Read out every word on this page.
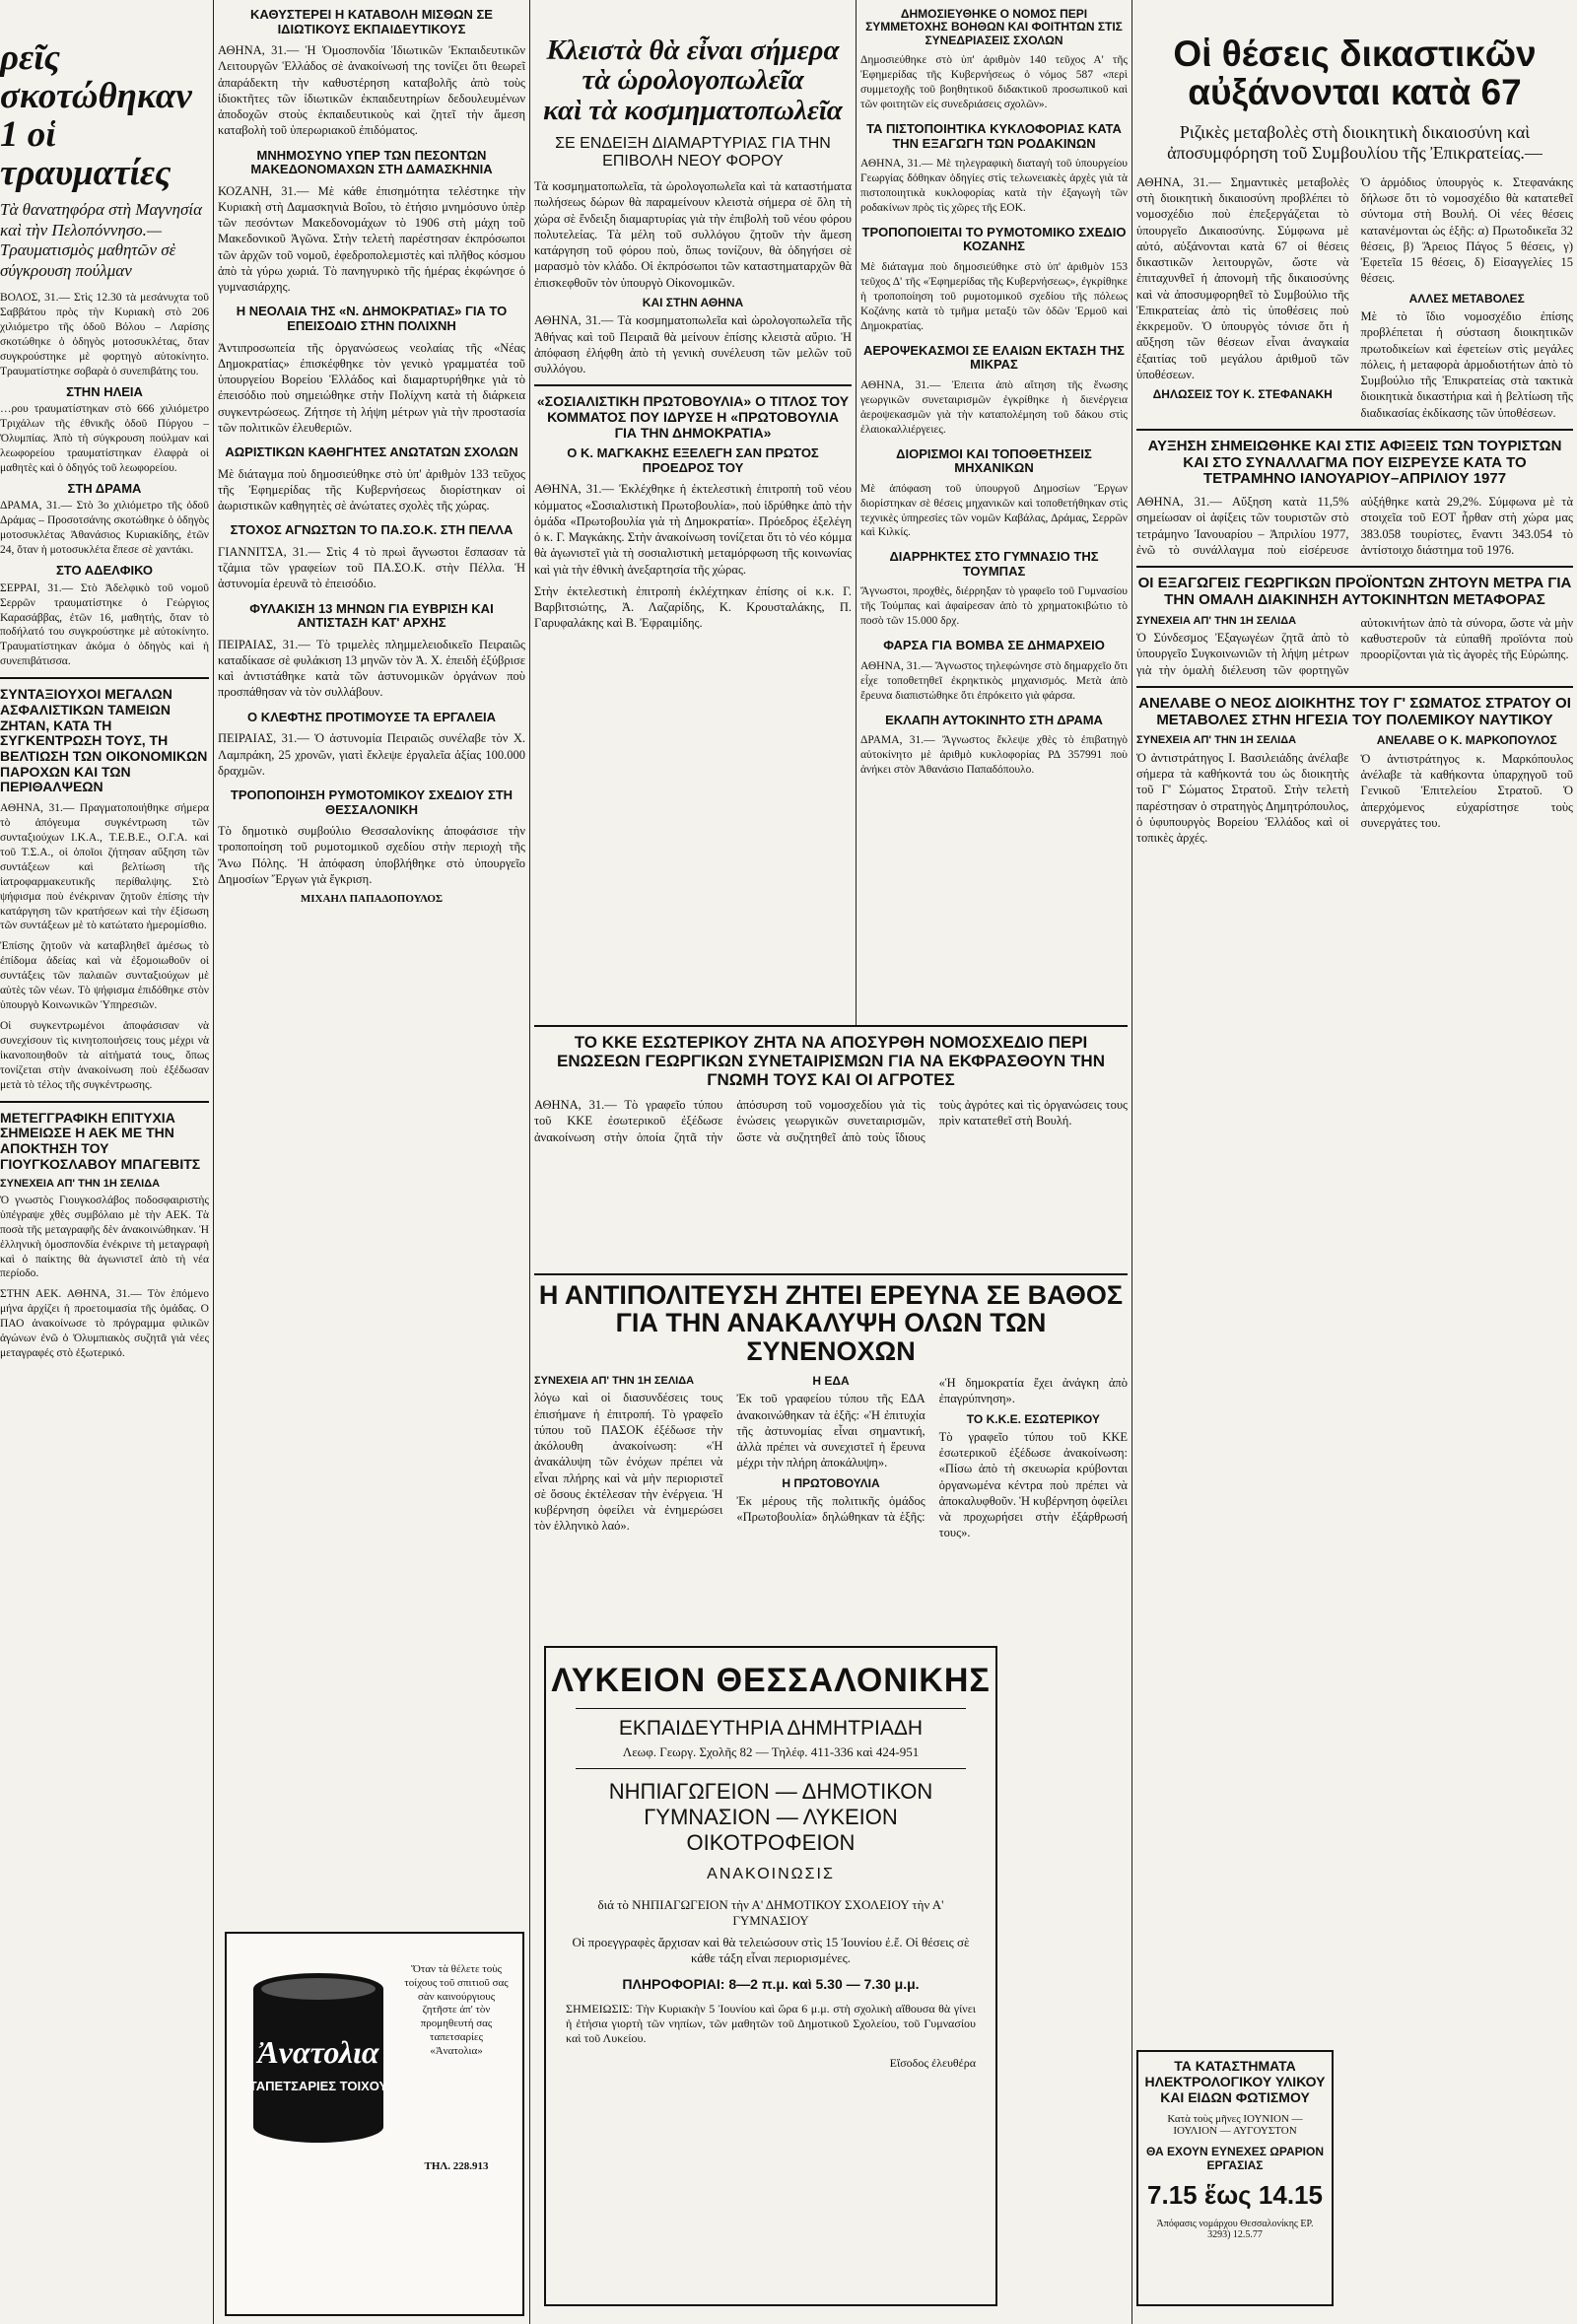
ρεῖς σκοτώθηκαν
1 οἱ τραυματίες

Τὰ θανατηφόρα στὴ Μαγνησία καὶ τὴν Πελοπόννησο.— Τραυματισμὸς μαθητῶν σὲ σύγκρουση πούλμαν

ΒΟΛΟΣ, 31.— Στὶς 12.30 τὰ μεσάνυχτα τοῦ Σαββάτου πρὸς τὴν Κυριακὴ στὸ 206 χιλιόμετρο τῆς ὁδοῦ Βόλου – Λαρίσης σκοτώθηκε ὁ ὁδηγὸς μοτοσυκλέτας, ὅταν συγκρούστηκε μὲ φορτηγὸ αὐτοκίνητο. Τραυματίστηκε σοβαρὰ ὁ συνεπιβάτης του.

ΣΤΗΝ ΗΛΕΙΑ

…ρου τραυματίστηκαν στὸ 666 χιλιόμετρο Τριχάλων τῆς ἐθνικῆς ὁδοῦ Πύργου – Ὀλυμπίας. Ἀπὸ τὴ σύγκρουση πούλμαν καὶ λεωφορείου τραυματίστηκαν ἐλαφρὰ οἱ μαθητὲς καὶ ὁ ὁδηγός τοῦ λεωφορείου.

ΣΤΗ ΔΡΑΜΑ

ΔΡΑΜΑ, 31.— Στὸ 3ο χιλιόμετρο τῆς ὁδοῦ Δράμας – Προσοτσάνης σκοτώθηκε ὁ ὁδηγὸς μοτοσυκλέτας Ἀθανάσιος Κυριακίδης, ἐτῶν 24, ὅταν ἡ μοτοσυκλέτα ἔπεσε σὲ χαντάκι.

ΣΤΟ ΑΔΕΛΦΙΚΟ

ΣΕΡΡΑΙ, 31.— Στὸ Ἀδελφικὸ τοῦ νομοῦ Σερρῶν τραυματίστηκε ὁ Γεώργιος Καρασάββας, ἐτῶν 16, μαθητής, ὅταν τὸ ποδήλατό του συγκρούστηκε μὲ αὐτοκίνητο. Τραυματίστηκαν ἀκόμα ὁ ὁδηγὸς καὶ ἡ συνεπιβάτισσα.

ΣΥΝΤΑΞΙΟΥΧΟΙ ΜΕΓΑΛΩΝ ΑΣΦΑΛΙΣΤΙΚΩΝ ΤΑΜΕΙΩΝ ΖΗΤΑΝ, ΚΑΤΑ ΤΗ ΣΥΓΚΕΝΤΡΩΣΗ ΤΟΥΣ, ΤΗ ΒΕΛΤΙΩΣΗ ΤΩΝ ΟΙΚΟΝΟΜΙΚΩΝ ΠΑΡΟΧΩΝ ΚΑΙ ΤΩΝ ΠΕΡΙΘΑΛΨΕΩΝ

ΑΘΗΝΑ, 31.— Πραγματοποιήθηκε σήμερα τὸ ἀπόγευμα συγκέντρωση τῶν συνταξιούχων Ι.Κ.Α., Τ.Ε.Β.Ε., Ο.Γ.Α. καὶ τοῦ Τ.Σ.Α., οἱ ὁποῖοι ζήτησαν αὔξηση τῶν συντάξεων καὶ βελτίωση τῆς ἰατροφαρμακευτικῆς περίθαλψης. Στὸ ψήφισμα ποὺ ἐνέκριναν ζητοῦν ἐπίσης τὴν κατάργηση τῶν κρατήσεων καὶ τὴν ἐξίσωση τῶν συντάξεων μὲ τὸ κατώτατο ἡμερομίσθιο.

Ἐπίσης ζητοῦν νὰ καταβληθεῖ ἀμέσως τὸ ἐπίδομα ἀδείας καὶ νὰ ἐξομοιωθοῦν οἱ συντάξεις τῶν παλαιῶν συνταξιούχων μὲ αὐτὲς τῶν νέων. Τὸ ψήφισμα ἐπιδόθηκε στὸν ὑπουργὸ Κοινωνικῶν Ὑπηρεσιῶν.

Οἱ συγκεντρωμένοι ἀποφάσισαν νὰ συνεχίσουν τὶς κινητοποιήσεις τους μέχρι νὰ ἱκανοποιηθοῦν τὰ αἰτήματά τους, ὅπως τονίζεται στὴν ἀνακοίνωση ποὺ ἐξέδωσαν μετὰ τὸ τέλος τῆς συγκέντρωσης.

ΜΕΤΕΓΓΡΑΦΙΚΗ ΕΠΙΤΥΧΙΑ ΣΗΜΕΙΩΣΕ Η ΑΕΚ ΜΕ ΤΗΝ ΑΠΟΚΤΗΣΗ ΤΟΥ ΓΙΟΥΓΚΟΣΛΑΒΟΥ ΜΠΑΓΕΒΙΤΣ
ΣΥΝΕΧΕΙΑ ΑΠ' ΤΗΝ 1Η ΣΕΛΙΔΑ

Ὁ γνωστὸς Γιουγκοσλάβος ποδοσφαιριστὴς ὑπέγραψε χθὲς συμβόλαιο μὲ τὴν ΑΕΚ. Τὰ ποσὰ τῆς μεταγραφῆς δὲν ἀνακοινώθηκαν. Ἡ ἑλληνικὴ ὁμοσπονδία ἐνέκρινε τὴ μεταγραφὴ καὶ ὁ παίκτης θὰ ἀγωνιστεῖ ἀπὸ τὴ νέα περίοδο.

ΣΤΗΝ ΑΕΚ. ΑΘΗΝΑ, 31.— Τὸν ἑπόμενο μήνα ἀρχίζει ἡ προετοιμασία τῆς ὁμάδας. Ο ΠΑΟ ἀνακοίνωσε τὸ πρόγραμμα φιλικῶν ἀγώνων ἐνῶ ὁ Ὀλυμπιακὸς συζητᾶ γιὰ νέες μεταγραφές στὸ ἐξωτερικό.

ΚΑΘΥΣΤΕΡΕΙ Η ΚΑΤΑΒΟΛΗ ΜΙΣΘΩΝ ΣΕ ΙΔΙΩΤΙΚΟΥΣ ΕΚΠΑΙΔΕΥΤΙΚΟΥΣ

ΑΘΗΝΑ, 31.— Ἡ Ὁμοσπονδία Ἰδιωτικῶν Ἐκπαιδευτικῶν Λειτουργῶν Ἑλλάδος σὲ ἀνακοίνωσή της τονίζει ὅτι θεωρεῖ ἀπαράδεκτη τὴν καθυστέρηση καταβολῆς ἀπὸ τοὺς ἰδιοκτῆτες τῶν ἰδιωτικῶν ἐκπαιδευτηρίων δεδουλευμένων ἀποδοχῶν στοὺς ἐκπαιδευτικοὺς καὶ ζητεῖ τὴν ἄμεση καταβολὴ τοῦ ὑπερωριακοῦ ἐπιδόματος.

ΜΝΗΜΟΣΥΝΟ ΥΠΕΡ ΤΩΝ ΠΕΣΟΝΤΩΝ ΜΑΚΕΔΟΝΟΜΑΧΩΝ ΣΤΗ ΔΑΜΑΣΚΗΝΙΑ

ΚΟΖΑΝΗ, 31.— Μὲ κάθε ἐπισημότητα τελέστηκε τὴν Κυριακὴ στὴ Δαμασκηνιὰ Βοΐου, τὸ ἐτήσιο μνημόσυνο ὑπὲρ τῶν πεσόντων Μακεδονομάχων τὸ 1906 στὴ μάχη τοῦ Μακεδονικοῦ Ἀγῶνα. Στὴν τελετὴ παρέστησαν ἐκπρόσωποι τῶν ἀρχῶν τοῦ νομοῦ, ἐφεδροπολεμιστὲς καὶ πλῆθος κόσμου ἀπὸ τὰ γύρω χωριά. Τὸ πανηγυρικὸ τῆς ἡμέρας ἐκφώνησε ὁ γυμνασιάρχης.

Η ΝΕΟΛΑΙΑ ΤΗΣ «Ν. ΔΗΜΟΚΡΑΤΙΑΣ» ΓΙΑ ΤΟ ΕΠΕΙΣΟΔΙΟ ΣΤΗΝ ΠΟΛΙΧΝΗ

Ἀντιπροσωπεία τῆς ὀργανώσεως νεολαίας τῆς «Νέας Δημοκρατίας» ἐπισκέφθηκε τὸν γενικὸ γραμματέα τοῦ ὑπουργείου Βορείου Ἑλλάδος καὶ διαμαρτυρήθηκε γιὰ τὸ ἐπεισόδιο ποὺ σημειώθηκε στὴν Πολίχνη κατὰ τὴ διάρκεια συγκεντρώσεως. Ζήτησε τὴ λήψη μέτρων γιὰ τὴν προστασία τῶν πολιτικῶν ἐλευθεριῶν.

ΑΩΡΙΣΤΙΚΩΝ ΚΑΘΗΓΗΤΕΣ ΑΝΩΤΑΤΩΝ ΣΧΟΛΩΝ

Μὲ διάταγμα ποὺ δημοσιεύθηκε στὸ ὑπ' ἀριθμὸν 133 τεῦχος τῆς Ἐφημερίδας τῆς Κυβερνήσεως διορίστηκαν οἱ ἀωριστικῶν καθηγητὲς σὲ ἀνώτατες σχολὲς τῆς χώρας.

ΣΤΟΧΟΣ ΑΓΝΩΣΤΩΝ ΤΟ ΠΑ.ΣΟ.Κ. ΣΤΗ ΠΕΛΛΑ

ΓΙΑΝΝΙΤΣΑ, 31.— Στὶς 4 τὸ πρωὶ ἄγνωστοι ἔσπασαν τὰ τζάμια τῶν γραφείων τοῦ ΠΑ.ΣΟ.Κ. στὴν Πέλλα. Ἡ ἀστυνομία ἐρευνᾶ τὸ ἐπεισόδιο.

ΦΥΛΑΚΙΣΗ 13 ΜΗΝΩΝ ΓΙΑ ΕΥΒΡΙΣΗ ΚΑΙ ΑΝΤΙΣΤΑΣΗ ΚΑΤ' ΑΡΧΗΣ

ΠΕΙΡΑΙΑΣ, 31.— Τὸ τριμελὲς πλημμελειοδικεῖο Πειραιῶς καταδίκασε σὲ φυλάκιση 13 μηνῶν τὸν Ἀ. Χ. ἐπειδὴ ἐξύβρισε καὶ ἀντιστάθηκε κατὰ τῶν ἀστυνομικῶν ὀργάνων ποὺ προσπάθησαν νὰ τὸν συλλάβουν.

Ο ΚΛΕΦΤΗΣ ΠΡΟΤΙΜΟΥΣΕ ΤΑ ΕΡΓΑΛΕΙΑ

ΠΕΙΡΑΙΑΣ, 31.— Ὁ ἀστυνομία Πειραιῶς συνέλαβε τὸν Χ. Λαμπράκη, 25 χρονῶν, γιατὶ ἔκλεψε ἐργαλεῖα ἀξίας 100.000 δραχμῶν.

ΤΡΟΠΟΠΟΙΗΣΗ ΡΥΜΟΤΟΜΙΚΟΥ ΣΧΕΔΙΟΥ ΣΤΗ ΘΕΣΣΑΛΟΝΙΚΗ

Τὸ δημοτικὸ συμβούλιο Θεσσαλονίκης ἀποφάσισε τὴν τροποποίηση τοῦ ρυμοτομικοῦ σχεδίου στὴν περιοχὴ τῆς Ἄνω Πόλης. Ἡ ἀπόφαση ὑποβλήθηκε στὸ ὑπουργεῖο Δημοσίων Ἔργων γιὰ ἔγκριση.

ΜΙΧΑΗΛ ΠΑΠΑΔΟΠΟΥΛΟΣ

Ἀνατολια
ΤΑΠΕΤΣΑΡΙΕΣ ΤΟΙΧΟΥ
Ὅταν τὰ θέλετε τοὺς τοίχους τοῦ σπιτιοῦ σας σὰν καινούργιους ζητῆστε ἀπ' τὸν προμηθευτή σας ταπετσαρίες «Ἀνατολια»
ΤΗΛ. 228.913
Κλειστὰ θὰ εἶναι σήμερα
τὰ ὡρολογοπωλεῖα
καὶ τὰ κοσμηματοπωλεῖα
ΣΕ ΕΝΔΕΙΞΗ ΔΙΑΜΑΡΤΥΡΙΑΣ ΓΙΑ ΤΗΝ ΕΠΙΒΟΛΗ ΝΕΟΥ ΦΟΡΟΥ

Τὰ κοσμηματοπωλεῖα, τὰ ὡρολογοπωλεῖα καὶ τὰ καταστήματα πωλήσεως δώρων θὰ παραμείνουν κλειστὰ σήμερα σὲ ὅλη τὴ χώρα σὲ ἔνδειξη διαμαρτυρίας γιὰ τὴν ἐπιβολὴ τοῦ νέου φόρου πολυτελείας. Τὰ μέλη τοῦ συλλόγου ζητοῦν τὴν ἄμεση κατάργηση τοῦ φόρου ποὺ, ὅπως τονίζουν, θὰ ὁδηγήσει σὲ μαρασμὸ τὸν κλάδο. Οἱ ἐκπρόσωποι τῶν καταστηματαρχῶν θὰ ἐπισκεφθοῦν τὸν ὑπουργὸ Οἰκονομικῶν.

ΚΑΙ ΣΤΗΝ ΑΘΗΝΑ

ΑΘΗΝΑ, 31.— Τὰ κοσμηματοπωλεῖα καὶ ὡρολογοπωλεῖα τῆς Ἀθήνας καὶ τοῦ Πειραιᾶ θὰ μείνουν ἐπίσης κλειστὰ αὔριο. Ἡ ἀπόφαση ἐλήφθη ἀπὸ τὴ γενικὴ συνέλευση τῶν μελῶν τοῦ συλλόγου.

«ΣΟΣΙΑΛΙΣΤΙΚΗ ΠΡΩΤΟΒΟΥΛΙΑ» Ο ΤΙΤΛΟΣ ΤΟΥ ΚΟΜΜΑΤΟΣ ΠΟΥ ΙΔΡΥΣΕ Η «ΠΡΩΤΟΒΟΥΛΙΑ ΓΙΑ ΤΗΝ ΔΗΜΟΚΡΑΤΙΑ»
Ο Κ. ΜΑΓΚΑΚΗΣ ΕΞΕΛΕΓΗ ΣΑΝ ΠΡΩΤΟΣ ΠΡΟΕΔΡΟΣ ΤΟΥ

ΑΘΗΝΑ, 31.— Ἐκλέχθηκε ἡ ἐκτελεστικὴ ἐπιτροπὴ τοῦ νέου κόμματος «Σοσιαλιστικὴ Πρωτοβουλία», ποὺ ἱδρύθηκε ἀπὸ τὴν ὁμάδα «Πρωτοβουλία γιὰ τὴ Δημοκρατία». Πρόεδρος ἐξελέγη ὁ κ. Γ. Μαγκάκης. Στὴν ἀνακοίνωση τονίζεται ὅτι τὸ νέο κόμμα θὰ ἀγωνιστεῖ γιὰ τὴ σοσιαλιστικὴ μεταμόρφωση τῆς κοινωνίας καὶ γιὰ τὴν ἐθνικὴ ἀνεξαρτησία τῆς χώρας.

Στὴν ἐκτελεστικὴ ἐπιτροπὴ ἐκλέχτηκαν ἐπίσης οἱ κ.κ. Γ. Βαρβιτσιώτης, Ἀ. Λαζαρίδης, Κ. Κρουσταλάκης, Π. Γαρυφαλάκης καὶ Β. Ἐφραιμίδης.

ΔΗΜΟΣΙΕΥΘΗΚΕ Ο ΝΟΜΟΣ ΠΕΡΙ ΣΥΜΜΕΤΟΧΗΣ ΒΟΗΘΩΝ ΚΑΙ ΦΟΙΤΗΤΩΝ ΣΤΙΣ ΣΥΝΕΔΡΙΑΣΕΙΣ ΣΧΟΛΩΝ

Δημοσιεύθηκε στὸ ὑπ' ἀριθμὸν 140 τεῦχος Α' τῆς Ἐφημερίδας τῆς Κυβερνήσεως ὁ νόμος 587 «περὶ συμμετοχῆς τοῦ βοηθητικοῦ διδακτικοῦ προσωπικοῦ καὶ τῶν φοιτητῶν εἰς συνεδριάσεις σχολῶν».

ΤΑ ΠΙΣΤΟΠΟΙΗΤΙΚΑ ΚΥΚΛΟΦΟΡΙΑΣ ΚΑΤΑ ΤΗΝ ΕΞΑΓΩΓΗ ΤΩΝ ΡΟΔΑΚΙΝΩΝ

ΑΘΗΝΑ, 31.— Μὲ τηλεγραφικὴ διαταγὴ τοῦ ὑπουργείου Γεωργίας δόθηκαν ὁδηγίες στὶς τελωνειακὲς ἀρχὲς γιὰ τὰ πιστοποιητικὰ κυκλοφορίας κατὰ τὴν ἐξαγωγὴ τῶν ροδακίνων πρὸς τὶς χῶρες τῆς ΕΟΚ.

ΤΡΟΠΟΠΟΙΕΙΤΑΙ ΤΟ ΡΥΜΟΤΟΜΙΚΟ ΣΧΕΔΙΟ ΚΟΖΑΝΗΣ

Μὲ διάταγμα ποὺ δημοσιεύθηκε στὸ ὑπ' ἀριθμὸν 153 τεῦχος Δ' τῆς «Ἐφημερίδας τῆς Κυβερνήσεως», ἐγκρίθηκε ἡ τροποποίηση τοῦ ρυμοτομικοῦ σχεδίου τῆς πόλεως Κοζάνης κατὰ τὸ τμῆμα μεταξὺ τῶν ὁδῶν Ἑρμοῦ καὶ Δημοκρατίας.

ΑΕΡΟΨΕΚΑΣΜΟΙ ΣΕ ΕΛΑΙΩΝ ΕΚΤΑΣΗ ΤΗΣ ΜΙΚΡΑΣ

ΑΘΗΝΑ, 31.— Ἐπειτα ἀπὸ αἴτηση τῆς ἕνωσης γεωργικῶν συνεταιρισμῶν ἐγκρίθηκε ἡ διενέργεια ἀεροψεκασμῶν γιὰ τὴν καταπολέμηση τοῦ δάκου στὶς ἐλαιοκαλλιέργειες.

ΔΙΟΡΙΣΜΟΙ ΚΑΙ ΤΟΠΟΘΕΤΗΣΕΙΣ ΜΗΧΑΝΙΚΩΝ

Μὲ ἀπόφαση τοῦ ὑπουργοῦ Δημοσίων Ἔργων διορίστηκαν σὲ θέσεις μηχανικῶν καὶ τοποθετήθηκαν στὶς τεχνικὲς ὑπηρεσίες τῶν νομῶν Καβάλας, Δράμας, Σερρῶν καὶ Κιλκίς.

ΔΙΑΡΡΗΚΤΕΣ ΣΤΟ ΓΥΜΝΑΣΙΟ ΤΗΣ ΤΟΥΜΠΑΣ

Ἄγνωστοι, προχθὲς, διέρρηξαν τὸ γραφεῖο τοῦ Γυμνασίου τῆς Τούμπας καὶ ἀφαίρεσαν ἀπὸ τὸ χρηματοκιβώτιο τὸ ποσὸ τῶν 15.000 δρχ.

ΦΑΡΣΑ ΓΙΑ ΒΟΜΒΑ ΣΕ ΔΗΜΑΡΧΕΙΟ

ΑΘΗΝΑ, 31.— Ἄγνωστος τηλεφώνησε στὸ δημαρχεῖο ὅτι εἶχε τοποθετηθεῖ ἐκρηκτικὸς μηχανισμός. Μετὰ ἀπὸ ἔρευνα διαπιστώθηκε ὅτι ἐπρόκειτο γιὰ φάρσα.

ΕΚΛΑΠΗ ΑΥΤΟΚΙΝΗΤΟ ΣΤΗ ΔΡΑΜΑ

ΔΡΑΜΑ, 31.— Ἄγνωστος ἔκλεψε χθὲς τὸ ἐπιβατηγὸ αὐτοκίνητο μὲ ἀριθμὸ κυκλοφορίας ΡΔ 357991 ποὺ ἀνήκει στὸν Ἀθανάσιο Παπαδόπουλο.

ΤΟ ΚΚΕ ΕΣΩΤΕΡΙΚΟΥ ΖΗΤΑ ΝΑ ΑΠΟΣΥΡΘΗ ΝΟΜΟΣΧΕΔΙΟ ΠΕΡΙ ΕΝΩΣΕΩΝ ΓΕΩΡΓΙΚΩΝ ΣΥΝΕΤΑΙΡΙΣΜΩΝ ΓΙΑ ΝΑ ΕΚΦΡΑΣΘΟΥΝ ΤΗΝ ΓΝΩΜΗ ΤΟΥΣ ΚΑΙ ΟΙ ΑΓΡΟΤΕΣ

ΑΘΗΝΑ, 31.— Τὸ γραφεῖο τύπου τοῦ ΚΚΕ ἐσωτερικοῦ ἐξέδωσε ἀνακοίνωση στὴν ὁποία ζητᾶ τὴν ἀπόσυρση τοῦ νομοσχεδίου γιὰ τὶς ἑνώσεις γεωργικῶν συνεταιρισμῶν, ὥστε νὰ συζητηθεῖ ἀπὸ τοὺς ἴδιους τοὺς ἀγρότες καὶ τὶς ὀργανώσεις τους πρὶν κατατεθεῖ στὴ Βουλή.

Η ΑΝΤΙΠΟΛΙΤΕΥΣΗ ΖΗΤΕΙ ΕΡΕΥΝΑ ΣΕ ΒΑΘΟΣ ΓΙΑ ΤΗΝ ΑΝΑΚΑΛΥΨΗ ΟΛΩΝ ΤΩΝ ΣΥΝΕΝΟΧΩΝ
ΣΥΝΕΧΕΙΑ ΑΠ' ΤΗΝ 1Η ΣΕΛΙΔΑ

λόγω καὶ οἱ διασυνδέσεις τους ἐπισήμανε ἡ ἐπιτροπή. Τὸ γραφεῖο τύπου τοῦ ΠΑΣΟΚ ἐξέδωσε τὴν ἀκόλουθη ἀνακοίνωση: «Ἡ ἀνακάλυψη τῶν ἐνόχων πρέπει νὰ εἶναι πλήρης καὶ νὰ μὴν περιοριστεῖ σὲ ὅσους ἐκτέλεσαν τὴν ἐνέργεια. Ἡ κυβέρνηση ὀφείλει νὰ ἐνημερώσει τὸν ἑλληνικὸ λαό».

Η ΕΔΑ

Ἐκ τοῦ γραφείου τύπου τῆς ΕΔΑ ἀνακοινώθηκαν τὰ ἑξῆς: «Ἡ ἐπιτυχία τῆς ἀστυνομίας εἶναι σημαντική, ἀλλὰ πρέπει νὰ συνεχιστεῖ ἡ ἔρευνα μέχρι τὴν πλήρη ἀποκάλυψη».

Η ΠΡΩΤΟΒΟΥΛΙΑ

Ἐκ μέρους τῆς πολιτικῆς ὁμάδος «Πρωτοβουλία» δηλώθηκαν τὰ ἑξῆς: «Ἡ δημοκρατία ἔχει ἀνάγκη ἀπὸ ἐπαγρύπνηση».

ΤΟ Κ.Κ.Ε. ΕΣΩΤΕΡΙΚΟΥ

Τὸ γραφεῖο τύπου τοῦ ΚΚΕ ἐσωτερικοῦ ἐξέδωσε ἀνακοίνωση: «Πίσω ἀπὸ τὴ σκευωρία κρύβονται ὀργανωμένα κέντρα ποὺ πρέπει νὰ ἀποκαλυφθοῦν. Ἡ κυβέρνηση ὀφείλει νὰ προχωρήσει στὴν ἐξάρθρωσή τους».

ΛΥΚΕΙΟΝ ΘΕΣΣΑΛΟΝΙΚΗΣ
ΕΚΠΑΙΔΕΥΤΗΡΙΑ ΔΗΜΗΤΡΙΑΔΗ
Λεωφ. Γεωργ. Σχολῆς 82 — Τηλέφ. 411-336 καὶ 424-951
ΝΗΠΙΑΓΩΓΕΙΟΝ — ΔΗΜΟΤΙΚΟΝ
ΓΥΜΝΑΣΙΟΝ — ΛΥΚΕΙΟΝ
ΟΙΚΟΤΡΟΦΕΙΟΝ
ΑΝΑΚΟΙΝΩΣΙΣ

διά τὸ ΝΗΠΙΑΓΩΓΕΙΟΝ τὴν Α' ΔΗΜΟΤΙΚΟΥ ΣΧΟΛΕΙΟΥ τὴν Α' ΓΥΜΝΑΣΙΟΥ

Οἱ προεγγραφὲς ἄρχισαν καὶ θὰ τελειώσουν στὶς 15 Ἰουνίου ἐ.ἔ. Οἱ θέσεις σὲ κάθε τάξη εἶναι περιορισμένες.

ΠΛΗΡΟΦΟΡΙΑΙ: 8—2 π.μ. καὶ 5.30 — 7.30 μ.μ.

ΣΗΜΕΙΩΣΙΣ: Τὴν Κυριακὴν 5 Ἰουνίου καὶ ὥρα 6 μ.μ. στὴ σχολικὴ αἴθουσα θὰ γίνει ἡ ἐτήσια γιορτὴ τῶν νηπίων, τῶν μαθητῶν τοῦ Δημοτικοῦ Σχολείου, τοῦ Γυμνασίου καὶ τοῦ Λυκείου.

Εἴσοδος ἐλευθέρα

Οἱ θέσεις δικαστικῶν
αὐξάνονται κατὰ 67

Ριζικὲς μεταβολὲς στὴ διοικητικὴ δικαιοσύνη καὶ ἀποσυμφόρηση τοῦ Συμβουλίου τῆς Ἐπικρατείας.—

ΑΘΗΝΑ, 31.— Σημαντικὲς μεταβολὲς στὴ διοικητικὴ δικαιοσύνη προβλέπει τὸ νομοσχέδιο ποὺ ἐπεξεργάζεται τὸ ὑπουργεῖο Δικαιοσύνης. Σύμφωνα μὲ αὐτό, αὐξάνονται κατὰ 67 οἱ θέσεις δικαστικῶν λειτουργῶν, ὥστε νὰ ἐπιταχυνθεῖ ἡ ἀπονομὴ τῆς δικαιοσύνης καὶ νὰ ἀποσυμφορηθεῖ τὸ Συμβούλιο τῆς Ἐπικρατείας ἀπὸ τὶς ὑποθέσεις ποὺ ἐκκρεμοῦν. Ὁ ὑπουργὸς τόνισε ὅτι ἡ αὔξηση τῶν θέσεων εἶναι ἀναγκαία ἐξαιτίας τοῦ μεγάλου ἀριθμοῦ τῶν ὑποθέσεων.

ΔΗΛΩΣΕΙΣ ΤΟΥ Κ. ΣΤΕΦΑΝΑΚΗ

Ὁ ἁρμόδιος ὑπουργὸς κ. Στεφανάκης δήλωσε ὅτι τὸ νομοσχέδιο θὰ κατατεθεῖ σύντομα στὴ Βουλή. Οἱ νέες θέσεις κατανέμονται ὡς ἑξῆς: α) Πρωτοδικεῖα 32 θέσεις, β) Ἄρειος Πάγος 5 θέσεις, γ) Ἐφετεῖα 15 θέσεις, δ) Εἰσαγγελίες 15 θέσεις.

ΑΛΛΕΣ ΜΕΤΑΒΟΛΕΣ

Μὲ τὸ ἴδιο νομοσχέδιο ἐπίσης προβλέπεται ἡ σύσταση διοικητικῶν πρωτοδικείων καὶ ἐφετείων στὶς μεγάλες πόλεις, ἡ μεταφορὰ ἁρμοδιοτήτων ἀπὸ τὸ Συμβούλιο τῆς Ἐπικρατείας στὰ τακτικὰ διοικητικὰ δικαστήρια καὶ ἡ βελτίωση τῆς διαδικασίας ἐκδίκασης τῶν ὑποθέσεων.

ΑΥΞΗΣΗ ΣΗΜΕΙΩΘΗΚΕ ΚΑΙ ΣΤΙΣ ΑΦΙΞΕΙΣ ΤΩΝ ΤΟΥΡΙΣΤΩΝ ΚΑΙ ΣΤΟ ΣΥΝΑΛΛΑΓΜΑ ΠΟΥ ΕΙΣΡΕΥΣΕ ΚΑΤΑ ΤΟ ΤΕΤΡΑΜΗΝΟ ΙΑΝΟΥΑΡΙΟΥ–ΑΠΡΙΛΙΟΥ 1977

ΑΘΗΝΑ, 31.— Αὔξηση κατὰ 11,5% σημείωσαν οἱ ἀφίξεις τῶν τουριστῶν στὸ τετράμηνο Ἰανουαρίου – Ἀπριλίου 1977, ἐνῶ τὸ συνάλλαγμα ποὺ εἰσέρευσε αὐξήθηκε κατὰ 29,2%. Σύμφωνα μὲ τὰ στοιχεῖα τοῦ ΕΟΤ ἦρθαν στὴ χώρα μας 383.058 τουρίστες, ἔναντι 343.054 τὸ ἀντίστοιχο διάστημα τοῦ 1976.

ΟΙ ΕΞΑΓΩΓΕΙΣ ΓΕΩΡΓΙΚΩΝ ΠΡΟΪΟΝΤΩΝ ΖΗΤΟΥΝ ΜΕΤΡΑ ΓΙΑ ΤΗΝ ΟΜΑΛΗ ΔΙΑΚΙΝΗΣΗ ΑΥΤΟΚΙΝΗΤΩΝ ΜΕΤΑΦΟΡΑΣ
ΣΥΝΕΧΕΙΑ ΑΠ' ΤΗΝ 1Η ΣΕΛΙΔΑ

Ὁ Σύνδεσμος Ἐξαγωγέων ζητᾶ ἀπὸ τὸ ὑπουργεῖο Συγκοινωνιῶν τὴ λήψη μέτρων γιὰ τὴν ὁμαλὴ διέλευση τῶν φορτηγῶν αὐτοκινήτων ἀπὸ τὰ σύνορα, ὥστε νὰ μὴν καθυστεροῦν τὰ εὐπαθῆ προϊόντα ποὺ προορίζονται γιὰ τὶς ἀγορὲς τῆς Εὐρώπης.

ΑΝΕΛΑΒΕ Ο ΝΕΟΣ ΔΙΟΙΚΗΤΗΣ ΤΟΥ Γ' ΣΩΜΑΤΟΣ ΣΤΡΑΤΟΥ ΟΙ ΜΕΤΑΒΟΛΕΣ ΣΤΗΝ ΗΓΕΣΙΑ ΤΟΥ ΠΟΛΕΜΙΚΟΥ ΝΑΥΤΙΚΟΥ
ΣΥΝΕΧΕΙΑ ΑΠ' ΤΗΝ 1Η ΣΕΛΙΔΑ

Ὁ ἀντιστράτηγος Ι. Βασιλειάδης ἀνέλαβε σήμερα τὰ καθήκοντά του ὡς διοικητὴς τοῦ Γ' Σώματος Στρατοῦ. Στὴν τελετὴ παρέστησαν ὁ στρατηγὸς Δημητρόπουλος, ὁ ὑφυπουργὸς Βορείου Ἑλλάδος καὶ οἱ τοπικὲς ἀρχές.

ΑΝΕΛΑΒΕ Ο Κ. ΜΑΡΚΟΠΟΥΛΟΣ

Ὁ ἀντιστράτηγος κ. Μαρκόπουλος ἀνέλαβε τὰ καθήκοντα ὑπαρχηγοῦ τοῦ Γενικοῦ Ἐπιτελείου Στρατοῦ. Ὁ ἀπερχόμενος εὐχαρίστησε τοὺς συνεργάτες του.

ΤΑ ΚΑΤΑΣΤΗΜΑΤΑ
ΗΛΕΚΤΡΟΛΟΓΙΚΟΥ ΥΛΙΚΟΥ
ΚΑΙ ΕΙΔΩΝ ΦΩΤΙΣΜΟΥ
Κατὰ τοὺς μῆνες ΙΟΥΝΙΟΝ — ΙΟΥΛΙΟΝ — ΑΥΓΟΥΣΤΟΝ
ΘΑ ΕΧΟΥΝ ΕΥΝΕΧΕΣ ΩΡΑΡΙΟΝ ΕΡΓΑΣΙΑΣ
7.15 ἕως 14.15
Ἀπόφασις νομάρχου Θεσσαλονίκης ΕΡ. 3293) 12.5.77
